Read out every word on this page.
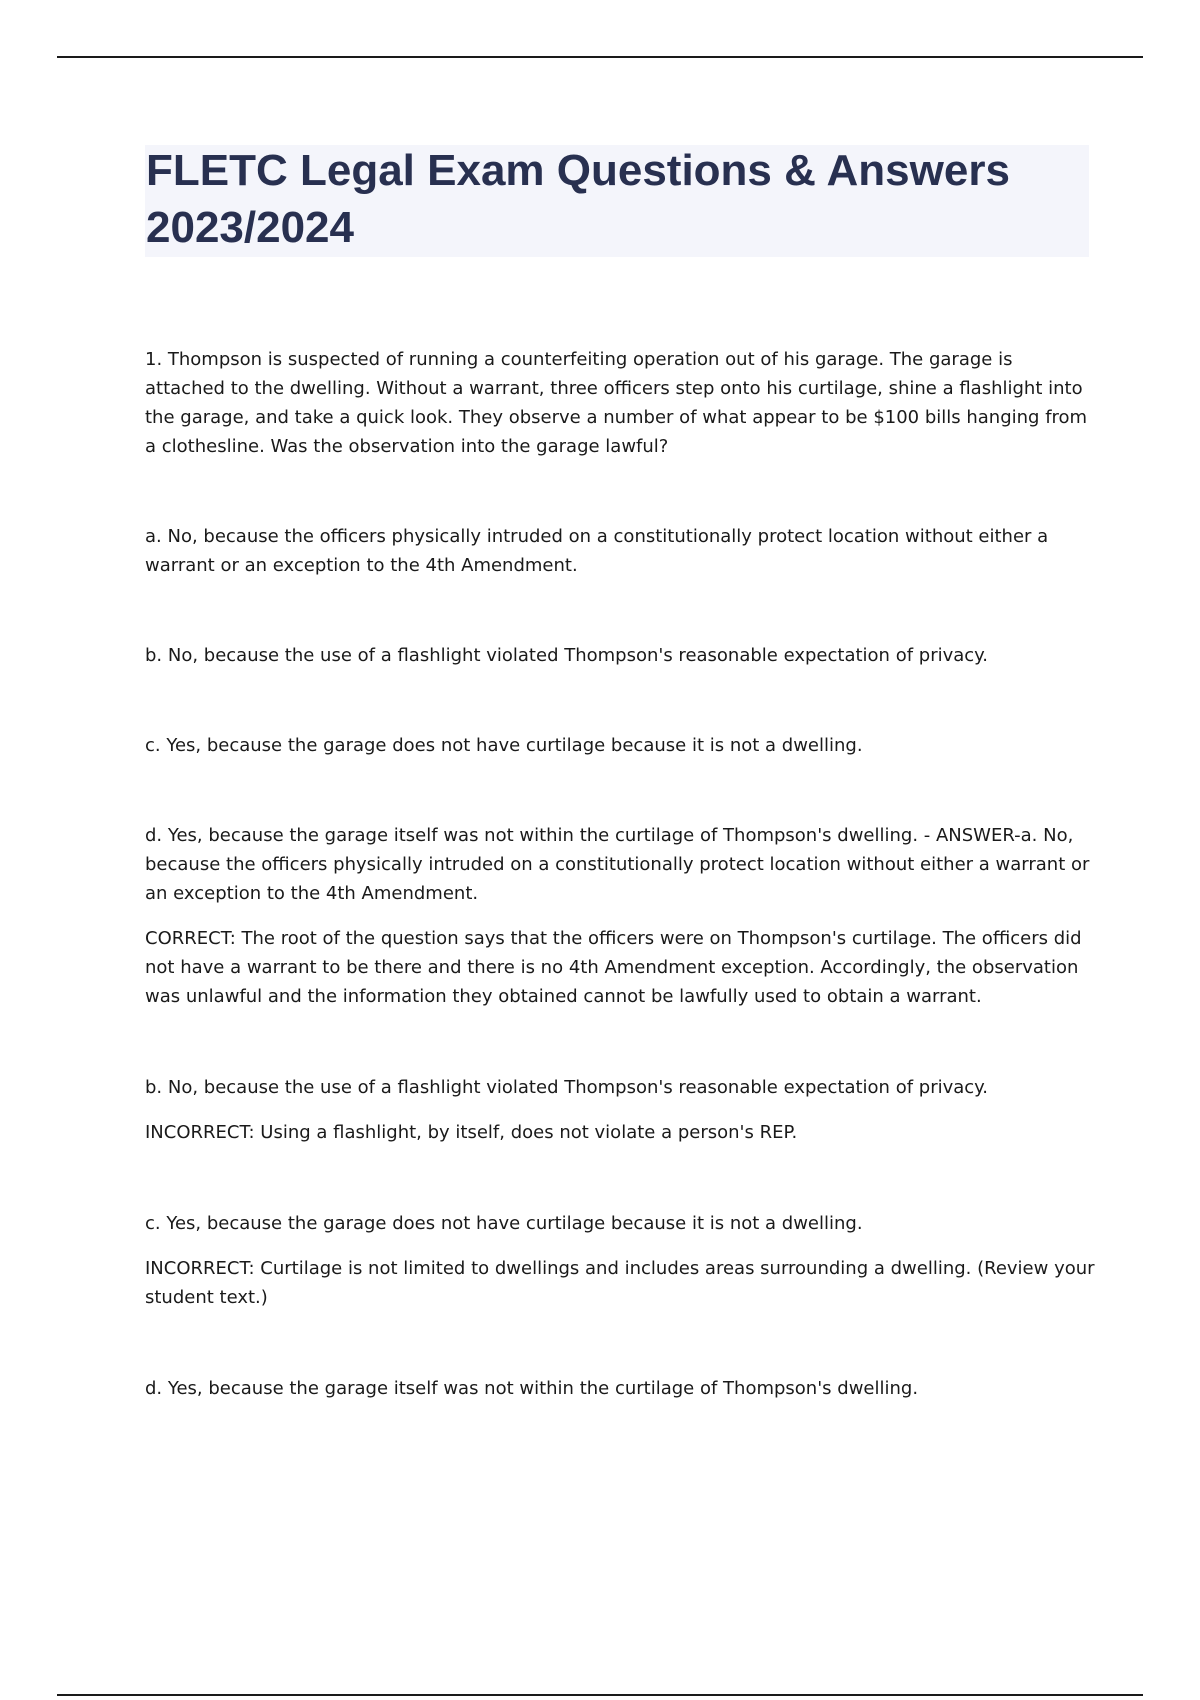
FLETC Legal Exam Questions & Answers 2023/2024

1. Thompson is suspected of running a counterfeiting operation out of his garage. The garage is attached to the dwelling. Without a warrant, three officers step onto his curtilage, shine a flashlight into the garage, and take a quick look. They observe a number of what appear to be $100 bills hanging from a clothesline. Was the observation into the garage lawful?

a. No, because the officers physically intruded on a constitutionally protect location without either a warrant or an exception to the 4th Amendment.

b. No, because the use of a flashlight violated Thompson's reasonable expectation of privacy.

c. Yes, because the garage does not have curtilage because it is not a dwelling.

d. Yes, because the garage itself was not within the curtilage of Thompson's dwelling. - ANSWER-a. No, because the officers physically intruded on a constitutionally protect location without either a warrant or an exception to the 4th Amendment.

CORRECT: The root of the question says that the officers were on Thompson's curtilage. The officers did not have a warrant to be there and there is no 4th Amendment exception. Accordingly, the observation was unlawful and the information they obtained cannot be lawfully used to obtain a warrant.

b. No, because the use of a flashlight violated Thompson's reasonable expectation of privacy.

INCORRECT: Using a flashlight, by itself, does not violate a person's REP.

c. Yes, because the garage does not have curtilage because it is not a dwelling.

INCORRECT: Curtilage is not limited to dwellings and includes areas surrounding a dwelling. (Review your student text.)

d. Yes, because the garage itself was not within the curtilage of Thompson's dwelling.
